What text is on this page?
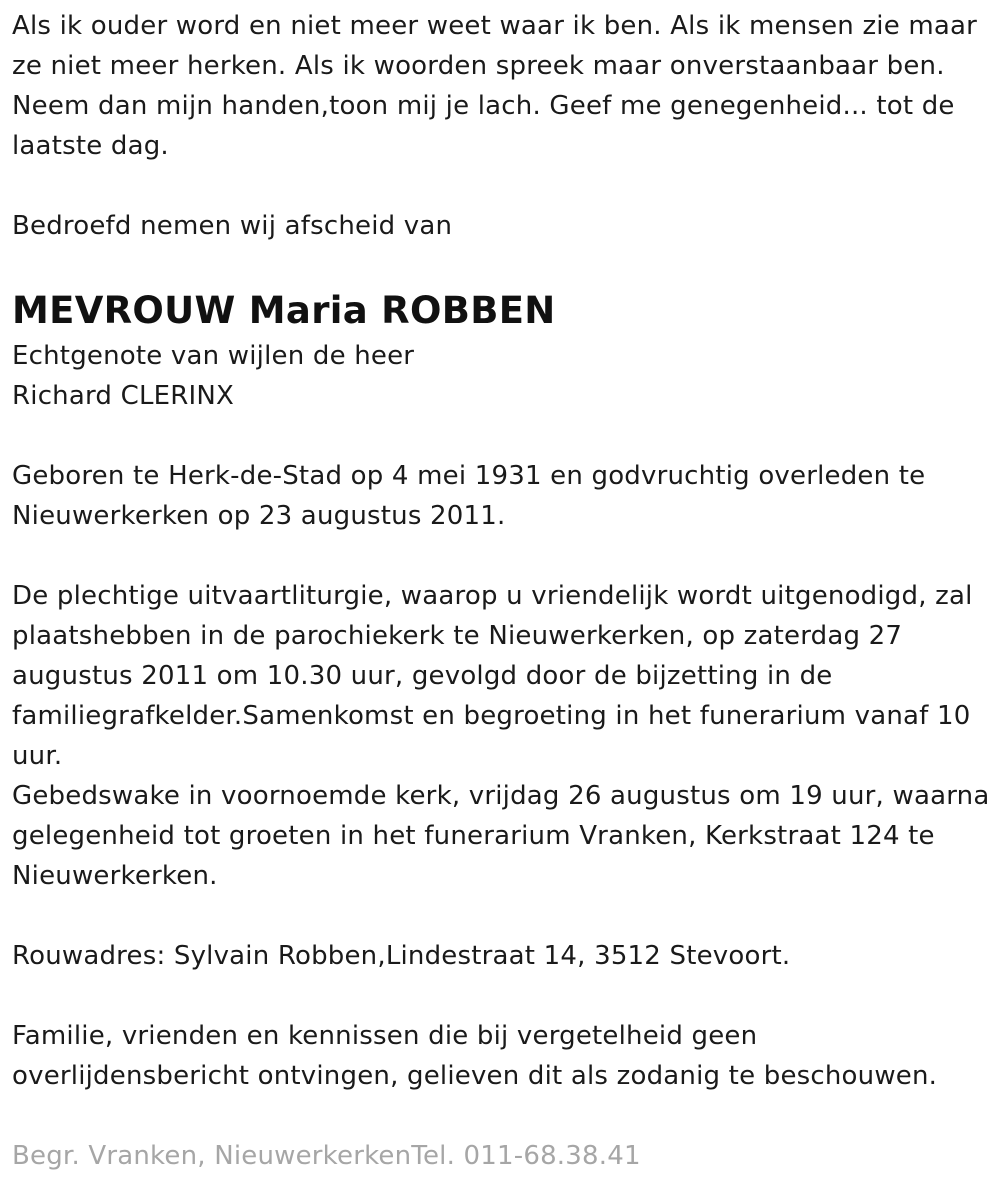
Als ik ouder word en niet meer weet waar ik ben. Als ik mensen zie maar
ze niet meer herken. Als ik woorden spreek maar onverstaanbaar ben.
Neem dan mijn handen,toon mij je lach. Geef me genegenheid... tot de
laatste dag.

Bedroefd nemen wij afscheid van

MEVROUW Maria ROBBEN

Echtgenote van wijlen de heer
Richard CLERINX

Geboren te Herk-de-Stad op 4 mei 1931 en godvruchtig overleden te
Nieuwerkerken op 23 augustus 2011.

De plechtige uitvaartliturgie, waarop u vriendelijk wordt uitgenodigd, zal
plaatshebben in de parochiekerk te Nieuwerkerken, op zaterdag 27
augustus 2011 om 10.30 uur, gevolgd door de bijzetting in de
familiegrafkelder.Samenkomst en begroeting in het funerarium vanaf 10
uur.
Gebedswake in voornoemde kerk, vrijdag 26 augustus om 19 uur, waarna
gelegenheid tot groeten in het funerarium Vranken, Kerkstraat 124 te
Nieuwerkerken.

Rouwadres: Sylvain Robben,Lindestraat 14, 3512 Stevoort.

Familie, vrienden en kennissen die bij vergetelheid geen
overlijdensbericht ontvingen, gelieven dit als zodanig te beschouwen.

Begr. Vranken, NieuwerkerkenTel. 011-68.38.41
